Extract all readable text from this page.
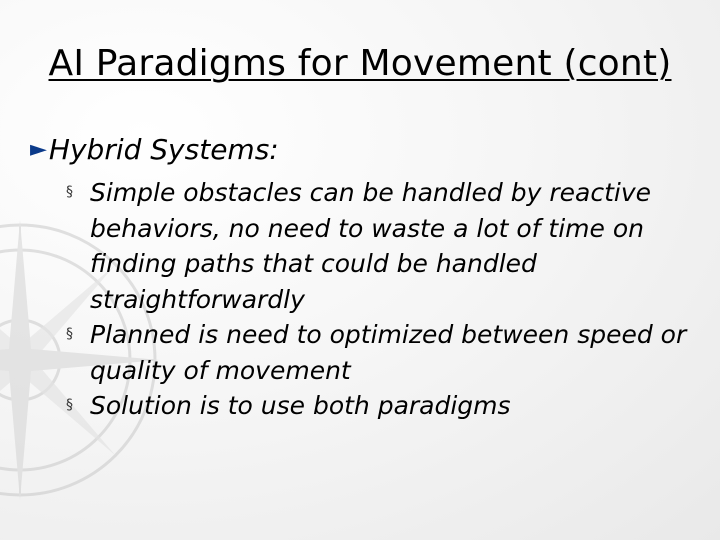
AI Paradigms for Movement (cont)
► Hybrid Systems:
§ Simple obstacles can be handled by reactive behaviors, no need to waste a lot of time on finding paths that could be handled straightforwardly
§ Planned is need to optimized between speed or quality of movement
§ Solution is to use both paradigms
